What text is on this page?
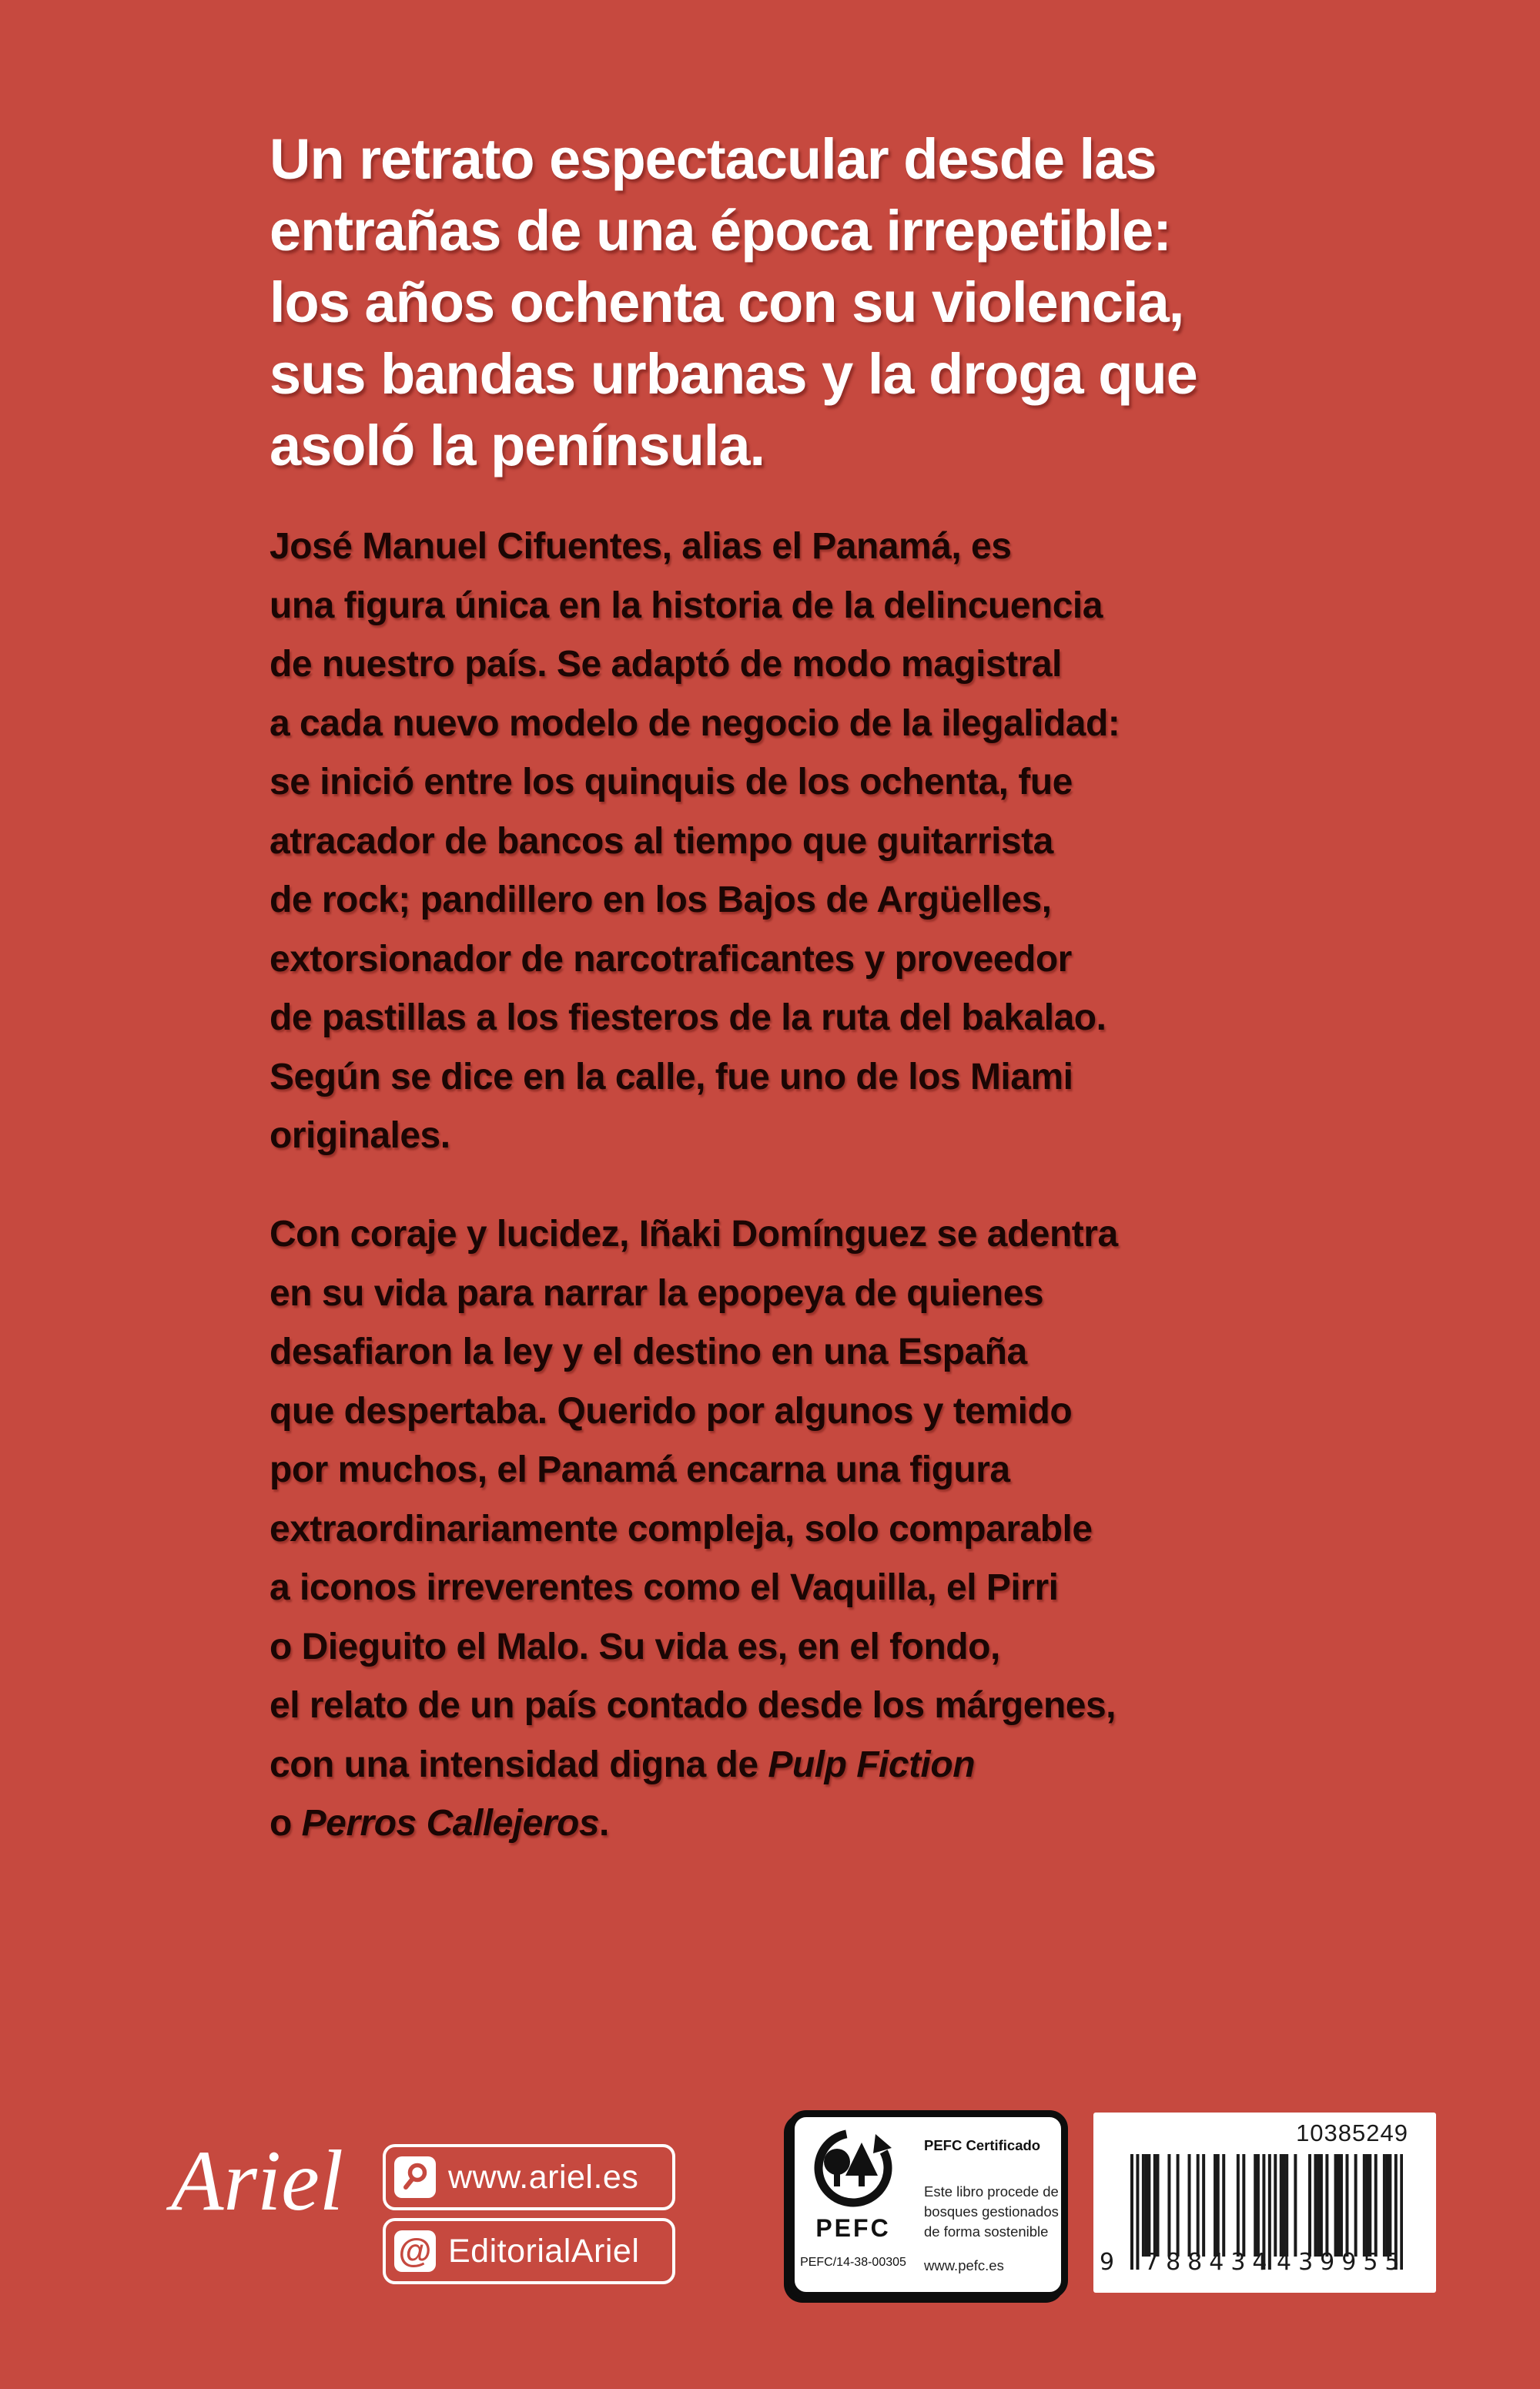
Un retrato espectacular desde las
entrañas de una época irrepetible:
los años ochenta con su violencia,
sus bandas urbanas y la droga que
asoló la península.
José Manuel Cifuentes, alias el Panamá, es
una figura única en la historia de la delincuencia
de nuestro país. Se adaptó de modo magistral
a cada nuevo modelo de negocio de la ilegalidad:
se inició entre los quinquis de los ochenta, fue
atracador de bancos al tiempo que guitarrista
de rock; pandillero en los Bajos de Argüelles,
extorsionador de narcotraficantes y proveedor
de pastillas a los fiesteros de la ruta del bakalao.
Según se dice en la calle, fue uno de los Miami
originales.
Con coraje y lucidez, Iñaki Domínguez se adentra
en su vida para narrar la epopeya de quienes
desafiaron la ley y el destino en una España
que despertaba. Querido por algunos y temido
por muchos, el Panamá encarna una figura
extraordinariamente compleja, solo comparable
a iconos irreverentes como el Vaquilla, el Pirri
o Dieguito el Malo. Su vida es, en el fondo,
el relato de un país contado desde los márgenes,
con una intensidad digna de Pulp Fiction
o Perros Callejeros.
Ariel	www.ariel.es
@ EditorialAriel
PEFC
PEFC/14-38-00305
PEFC Certificado
Este libro procede de
bosques gestionados
de forma sostenible
www.pefc.es
10385249
9 788434 439955
